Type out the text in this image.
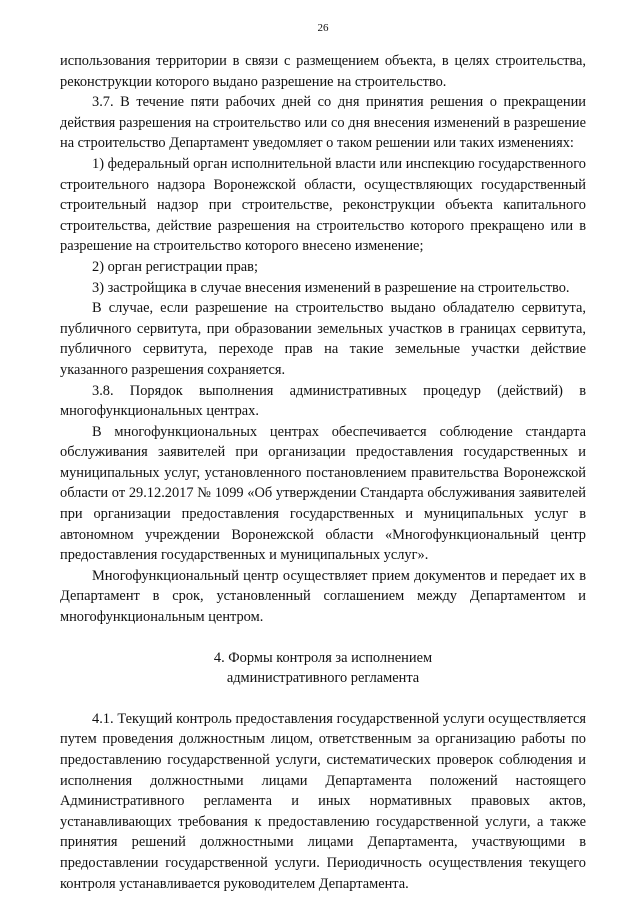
26

использования территории в связи с размещением объекта, в целях строительства, реконструкции которого выдано разрешение на строительство.

3.7. В течение пяти рабочих дней со дня принятия решения о прекращении действия разрешения на строительство или со дня внесения изменений в разрешение на строительство Департамент уведомляет о таком решении или таких изменениях:

1) федеральный орган исполнительной власти или инспекцию государственного строительного надзора Воронежской области, осуществляющих государственный строительный надзор при строительстве, реконструкции объекта капитального строительства, действие разрешения на строительство которого прекращено или в разрешение на строительство которого внесено изменение;

2) орган регистрации прав;

3) застройщика в случае внесения изменений в разрешение на строительство.

В случае, если разрешение на строительство выдано обладателю сервитута, публичного сервитута, при образовании земельных участков в границах сервитута, публичного сервитута, переходе прав на такие земельные участки действие указанного разрешения сохраняется.

3.8. Порядок выполнения административных процедур (действий) в многофункциональных центрах.

В многофункциональных центрах обеспечивается соблюдение стандарта обслуживания заявителей при организации предоставления государственных и муниципальных услуг, установленного постановлением правительства Воронежской области от 29.12.2017 № 1099 «Об утверждении Стандарта обслуживания заявителей при организации предоставления государственных и муниципальных услуг в автономном учреждении Воронежской области «Многофункциональный центр предоставления государственных и муниципальных услуг».

Многофункциональный центр осуществляет прием документов и передает их в Департамент в срок, установленный соглашением между Департаментом и многофункциональным центром.

4. Формы контроля за исполнением
административного регламента

4.1. Текущий контроль предоставления государственной услуги осуществляется путем проведения должностным лицом, ответственным за организацию работы по предоставлению государственной услуги, систематических проверок соблюдения и исполнения должностными лицами Департамента положений настоящего Административного регламента и иных нормативных правовых актов, устанавливающих требования к предоставлению государственной услуги, а также принятия решений должностными лицами Департамента, участвующими в предоставлении государственной услуги. Периодичность осуществления текущего контроля устанавливается руководителем Департамента.
